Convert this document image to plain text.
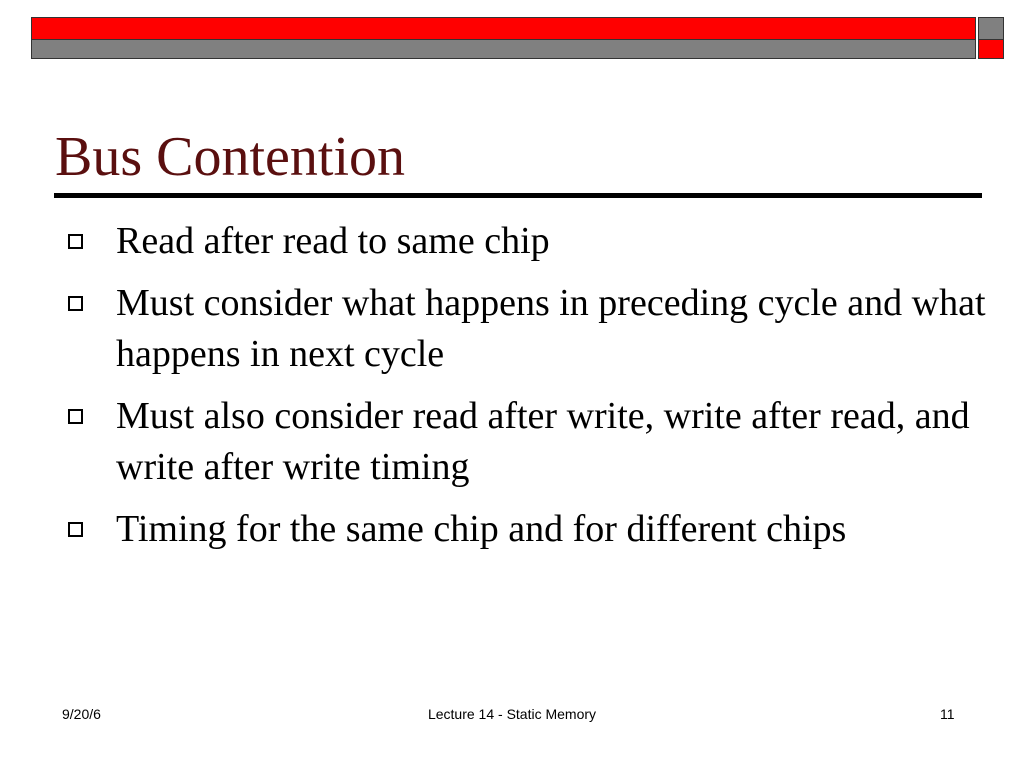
Bus Contention
Read after read to same chip
Must consider what happens in preceding cycle and what happens in next cycle
Must also consider read after write, write after read, and write after write timing
Timing for the same chip and for different chips
9/20/6	Lecture 14 - Static Memory	11
